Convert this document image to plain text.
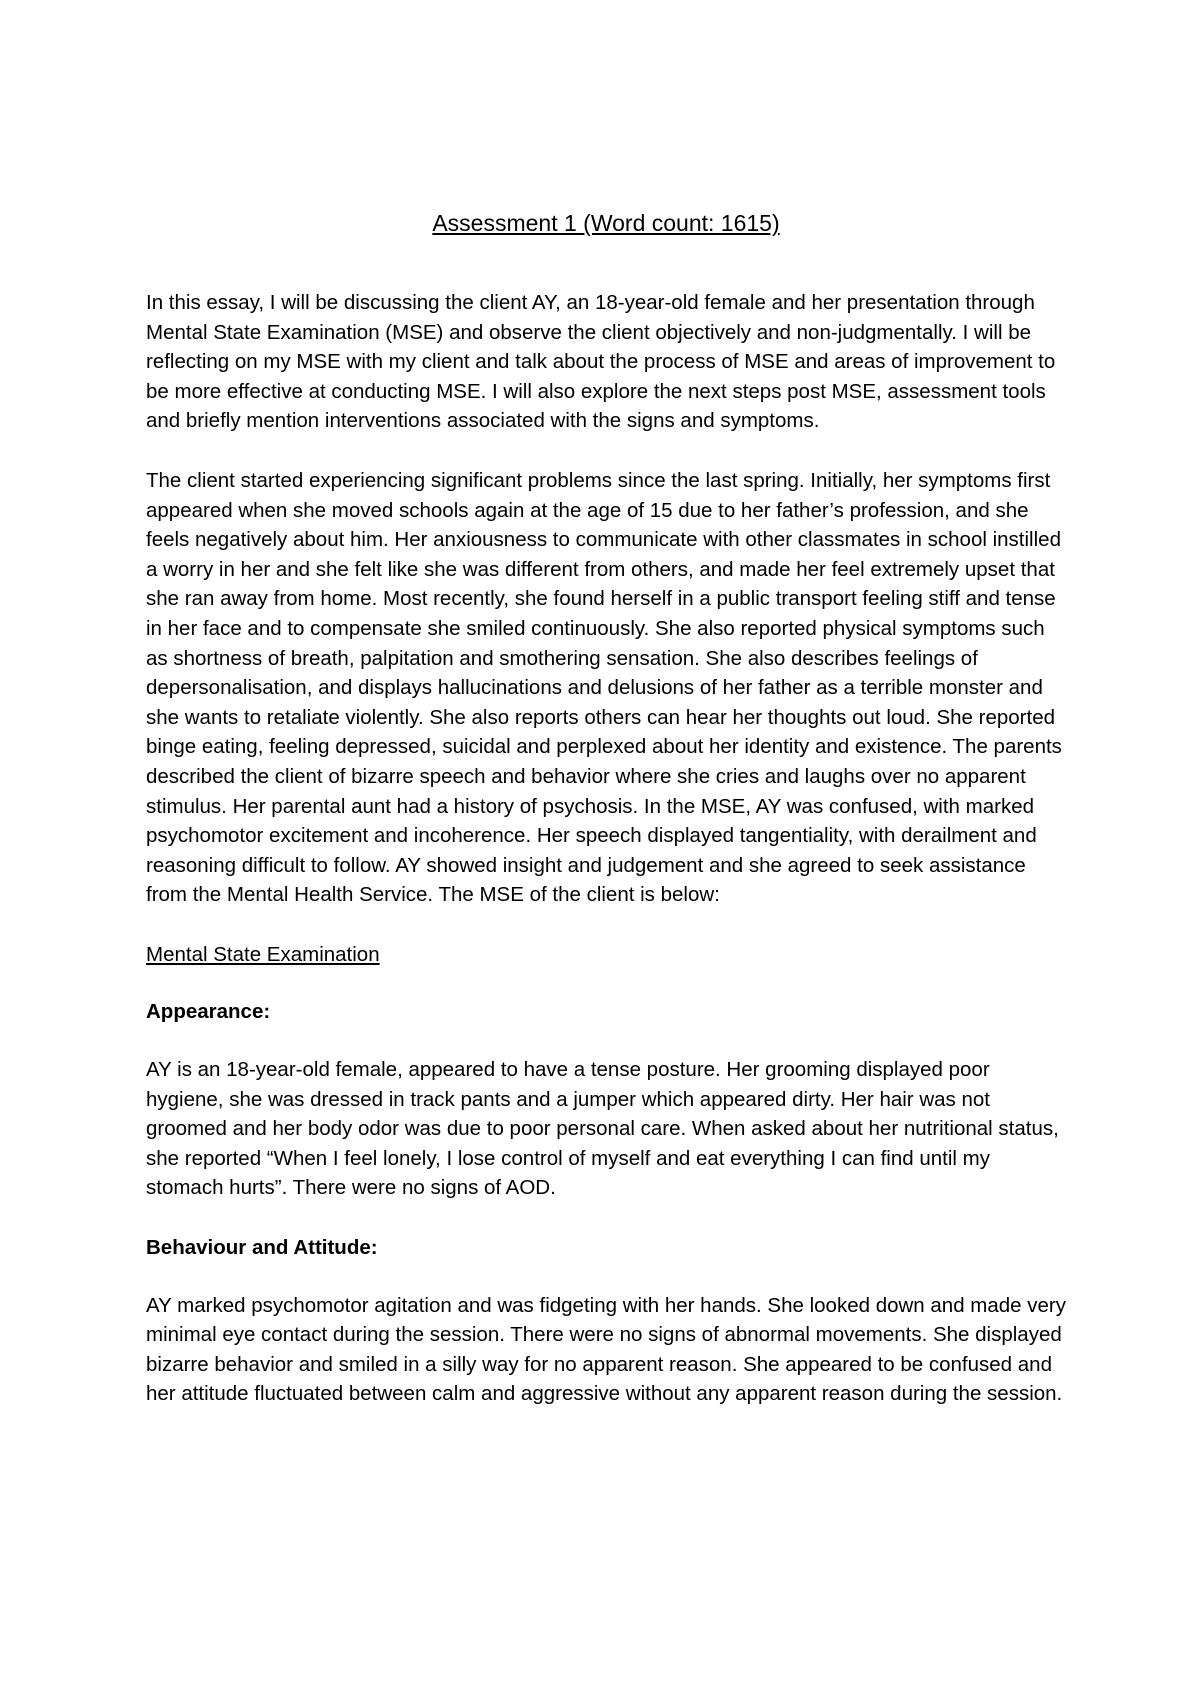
Assessment 1 (Word count: 1615)

In this essay, I will be discussing the client AY, an 18-year-old female and her presentation through Mental State Examination (MSE) and observe the client objectively and non-judgmentally. I will be reflecting on my MSE with my client and talk about the process of MSE and areas of improvement to be more effective at conducting MSE. I will also explore the next steps post MSE, assessment tools and briefly mention interventions associated with the signs and symptoms.

The client started experiencing significant problems since the last spring. Initially, her symptoms first appeared when she moved schools again at the age of 15 due to her father’s profession, and she feels negatively about him. Her anxiousness to communicate with other classmates in school instilled a worry in her and she felt like she was different from others, and made her feel extremely upset that she ran away from home. Most recently, she found herself in a public transport feeling stiff and tense in her face and to compensate she smiled continuously. She also reported physical symptoms such as shortness of breath, palpitation and smothering sensation. She also describes feelings of depersonalisation, and displays hallucinations and delusions of her father as a terrible monster and she wants to retaliate violently. She also reports others can hear her thoughts out loud. She reported binge eating, feeling depressed, suicidal and perplexed about her identity and existence. The parents described the client of bizarre speech and behavior where she cries and laughs over no apparent stimulus. Her parental aunt had a history of psychosis. In the MSE, AY was confused, with marked psychomotor excitement and incoherence. Her speech displayed tangentiality, with derailment and reasoning difficult to follow. AY showed insight and judgement and she agreed to seek assistance from the Mental Health Service. The MSE of the client is below:

Mental State Examination
Appearance:

AY is an 18-year-old female, appeared to have a tense posture. Her grooming displayed poor hygiene, she was dressed in track pants and a jumper which appeared dirty. Her hair was not groomed and her body odor was due to poor personal care. When asked about her nutritional status, she reported “When I feel lonely, I lose control of myself and eat everything I can find until my stomach hurts”. There were no signs of AOD.

Behaviour and Attitude:

AY marked psychomotor agitation and was fidgeting with her hands. She looked down and made very minimal eye contact during the session. There were no signs of abnormal movements. She displayed bizarre behavior and smiled in a silly way for no apparent reason. She appeared to be confused and her attitude fluctuated between calm and aggressive without any apparent reason during the session.
